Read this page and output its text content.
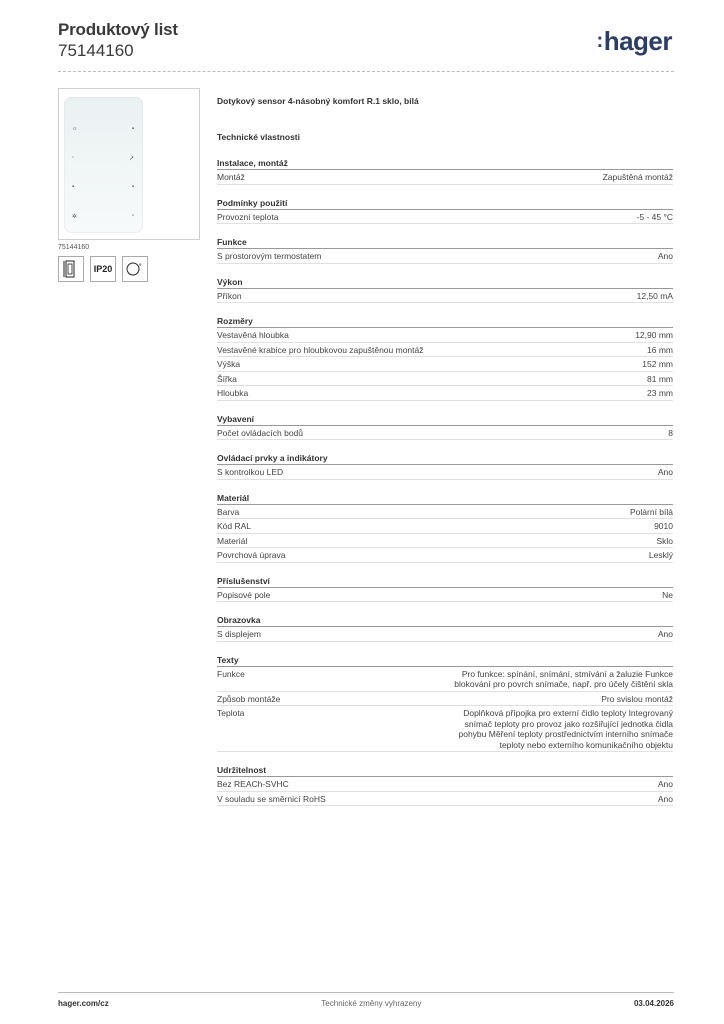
Produktový list
75144160	:hager
☼	▪
◦	↗
▪	▪
✲	▫
75144160
IP20	°
Dotykový sensor 4-násobný komfort R.1 sklo, bílá
Technické vlastnosti
Instalace, montáž
Montáž	Zapuštěná montáž
Podmínky použití
Provozní teplota	-5 - 45 °C
Funkce
S prostorovým termostatem	Ano
Výkon
Příkon	12,50 mA
Rozměry
Vestavěná hloubka	12,90 mm
Vestavěné krabice pro hloubkovou zapuštěnou montáž	16 mm
Výška	152 mm
Šířka	81 mm
Hloubka	23 mm
Vybavení
Počet ovládacích bodů	8
Ovládací prvky a indikátory
S kontrolkou LED	Ano
Materiál
Barva	Polární bílá
Kód RAL	9010
Materiál	Sklo
Povrchová úprava	Lesklý
Příslušenství
Popisové pole	Ne
Obrazovka
S displejem	Ano
Texty
Funkce	Pro funkce: spínání, snímání, stmívání a žaluzie Funkce blokování pro povrch snímače, např. pro účely čištění skla
Způsob montáže	Pro svislou montáž
Teplota	Doplňková přípojka pro externí čidlo teploty Integrovaný snímač teploty pro provoz jako rozšiřující jednotka čidla pohybu Měření teploty prostřednictvím interního snímače teploty nebo externího komunikačního objektu
Udržitelnost
Bez REACh-SVHC	Ano
V souladu se směrnicí RoHS	Ano
hager.com/cz	Technické změny vyhrazeny	03.04.2026
